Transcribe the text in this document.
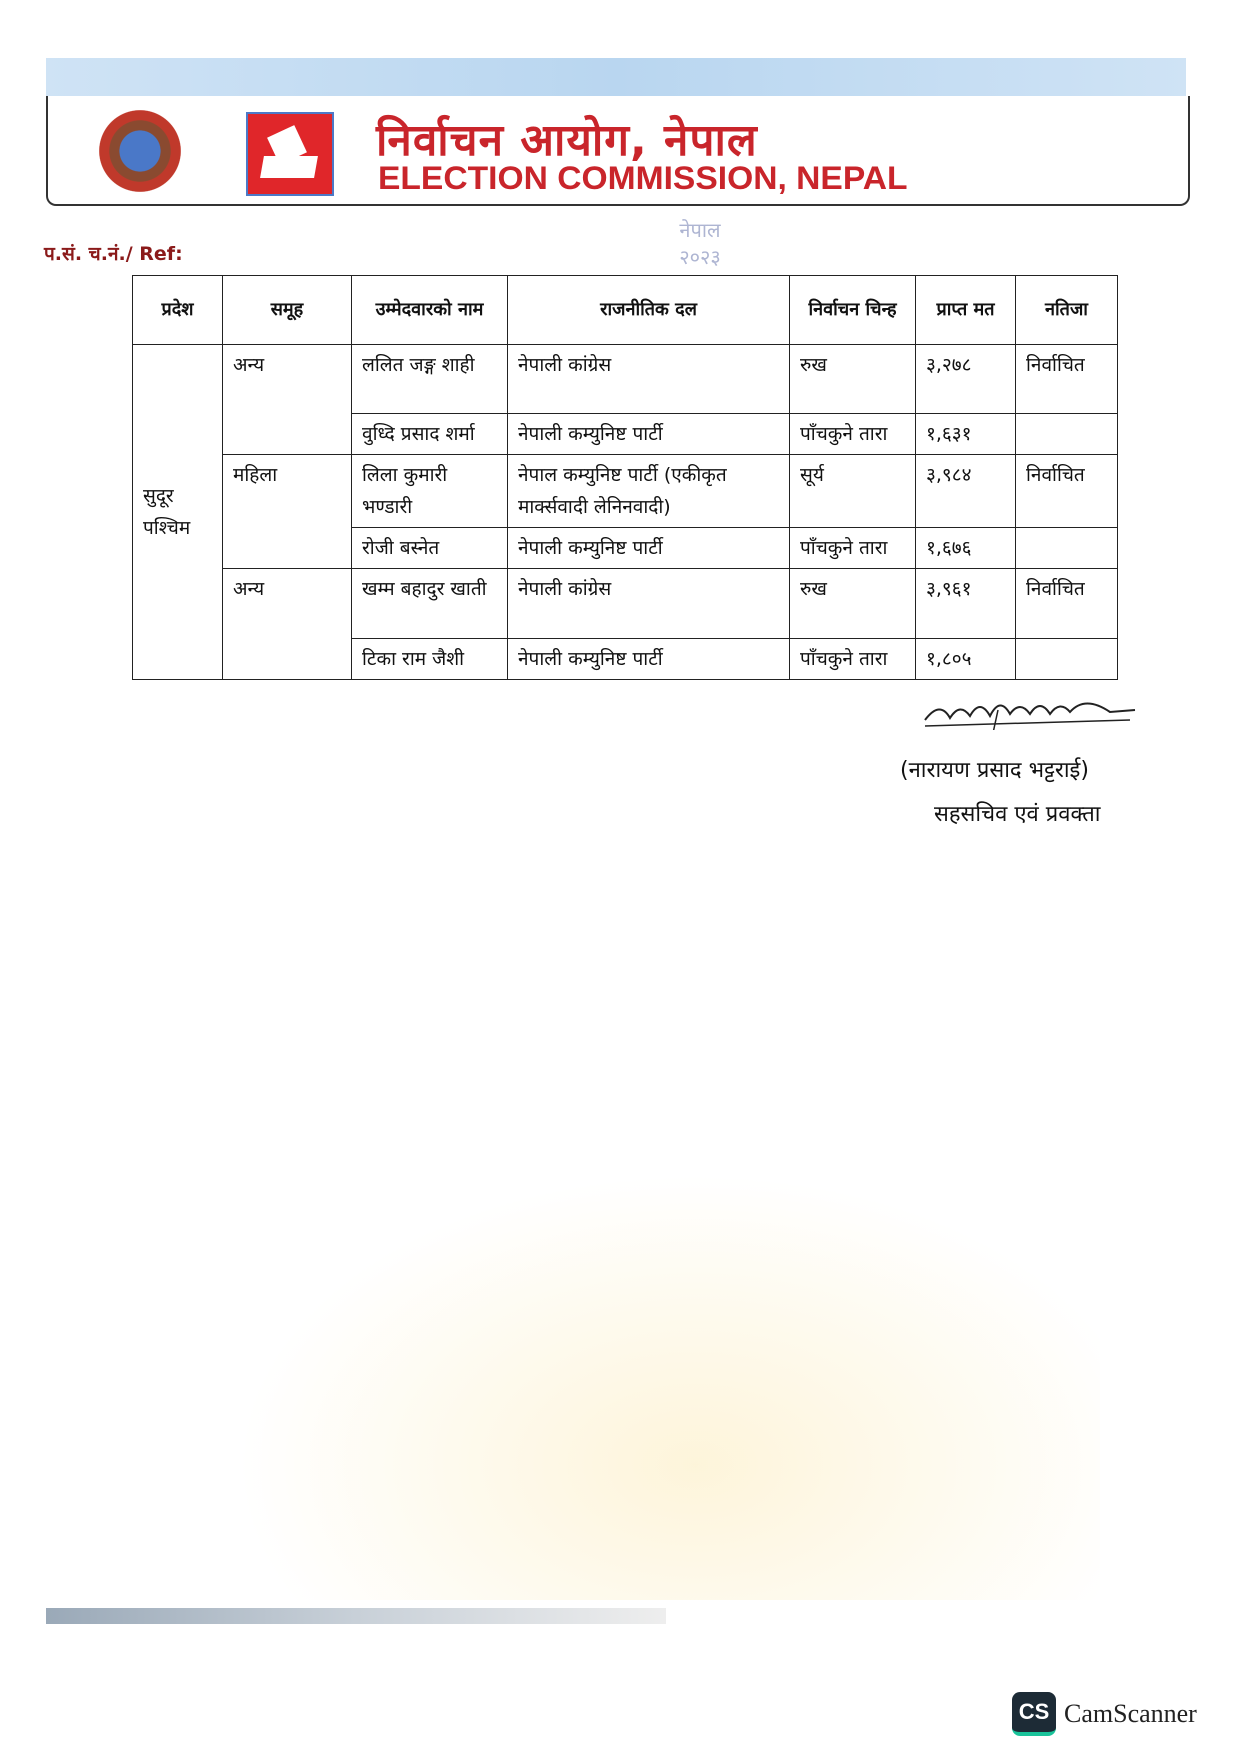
निर्वाचन आयोग, नेपाल
ELECTION COMMISSION, NEPAL
नेपाल
२०२३
प.सं. च.नं./ Ref:
प्रदेश	समूह	उम्मेदवारको नाम	राजनीतिक दल	निर्वाचन चिन्ह	प्राप्त मत	नतिजा
सुदूर पश्चिम	अन्य	ललित जङ्ग शाही	नेपाली कांग्रेस	रुख	३,२७८	निर्वाचित
		वुध्दि प्रसाद शर्मा	नेपाली कम्युनिष्ट पार्टी	पाँचकुने तारा	१,६३१	
	महिला	लिला कुमारी भण्डारी	नेपाल कम्युनिष्ट पार्टी (एकीकृत मार्क्सवादी लेनिनवादी)	सूर्य	३,९८४	निर्वाचित
		रोजी बस्नेत	नेपाली कम्युनिष्ट पार्टी	पाँचकुने तारा	१,६७६	
	अन्य	खम्म बहादुर खाती	नेपाली कांग्रेस	रुख	३,९६१	निर्वाचित
		टिका राम जैशी	नेपाली कम्युनिष्ट पार्टी	पाँचकुने तारा	१,८०५	
(नारायण प्रसाद भट्टराई)
सहसचिव एवं प्रवक्ता
CS CamScanner
